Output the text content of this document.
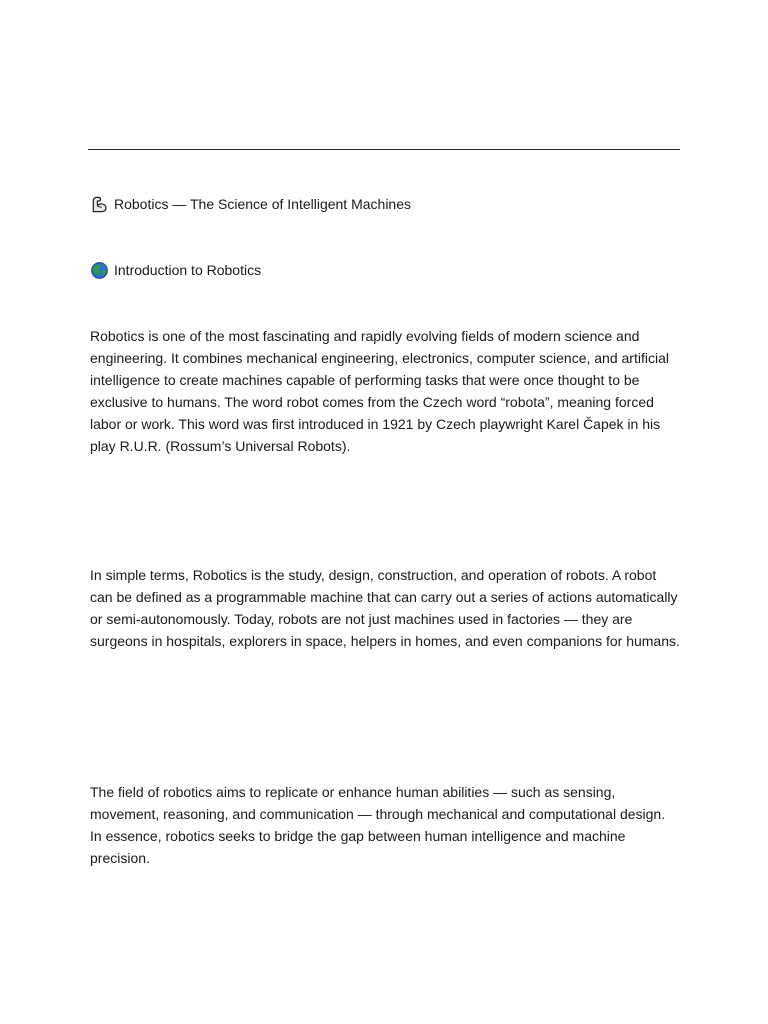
Robotics — The Science of Intelligent Machines
Introduction to Robotics

Robotics is one of the most fascinating and rapidly evolving fields of modern science and engineering. It combines mechanical engineering, electronics, computer science, and artificial intelligence to create machines capable of performing tasks that were once thought to be exclusive to humans. The word robot comes from the Czech word “robota”, meaning forced labor or work. This word was first introduced in 1921 by Czech playwright Karel Čapek in his play R.U.R. (Rossum’s Universal Robots).

In simple terms, Robotics is the study, design, construction, and operation of robots. A robot can be defined as a programmable machine that can carry out a series of actions automatically or semi-autonomously. Today, robots are not just machines used in factories — they are surgeons in hospitals, explorers in space, helpers in homes, and even companions for humans.

The field of robotics aims to replicate or enhance human abilities — such as sensing, movement, reasoning, and communication — through mechanical and computational design. In essence, robotics seeks to bridge the gap between human intelligence and machine precision.
